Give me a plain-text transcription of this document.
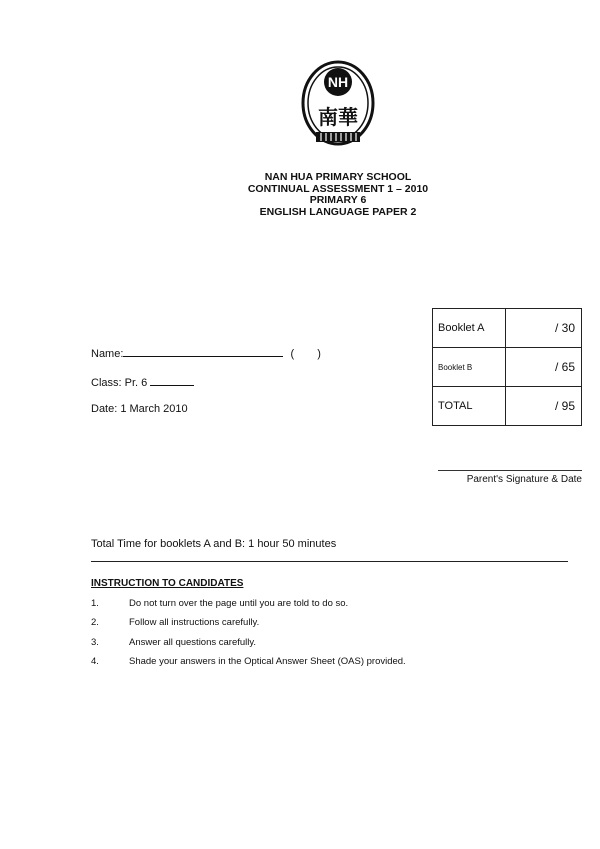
NH
南華
NAN HUA PRIMARY SCHOOL
CONTINUAL ASSESSMENT 1 – 2010
PRIMARY 6
ENGLISH LANGUAGE PAPER 2
Name:	( )
Class: Pr. 6
Date: 1 March 2010
Booklet A	/ 30
Booklet B	/ 65
TOTAL	/ 95
Parent's Signature & Date
Total Time for booklets A and B: 1 hour 50 minutes
INSTRUCTION TO CANDIDATES
1.	Do not turn over the page until you are told to do so.
2.	Follow all instructions carefully.
3.	Answer all questions carefully.
4.	Shade your answers in the Optical Answer Sheet (OAS) provided.
